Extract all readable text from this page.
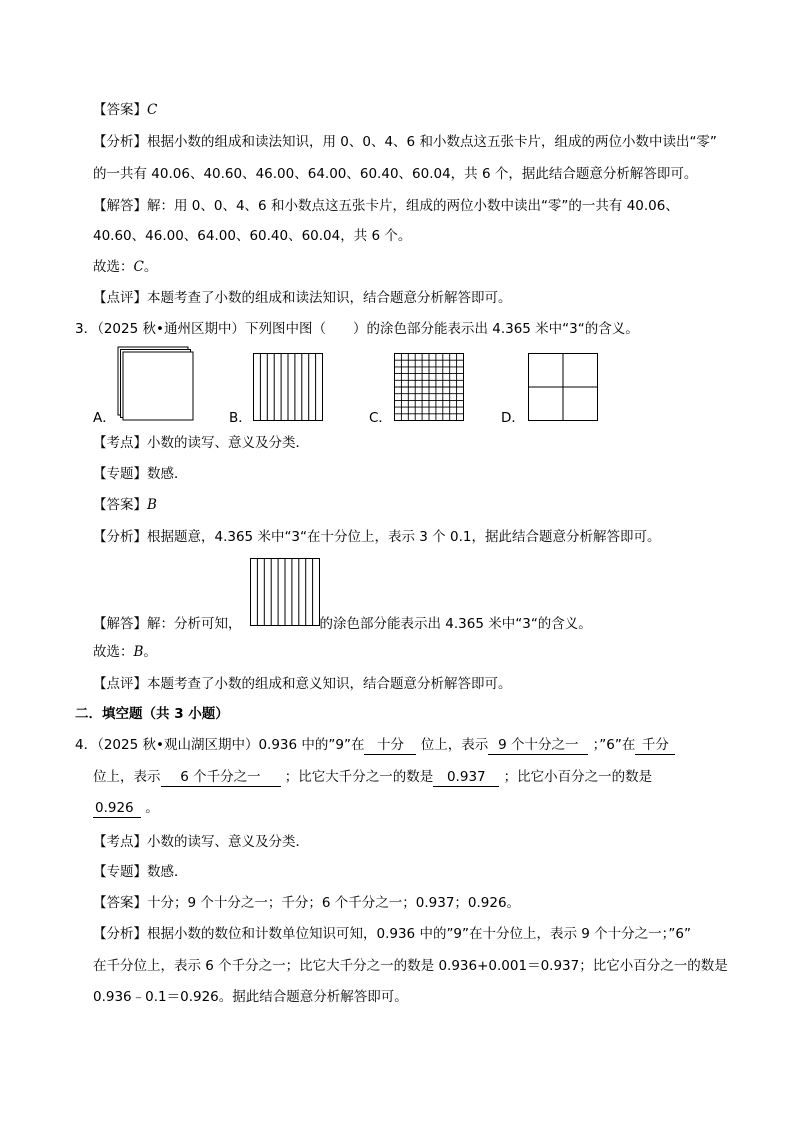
【答案】C
【分析】根据小数的组成和读法知识，用 0、0、4、6 和小数点这五张卡片，组成的两位小数中读出“零”
的一共有 40.06、40.60、46.00、64.00、60.40、60.04，共 6 个，据此结合题意分析解答即可。
【解答】解：用 0、0、4、6 和小数点这五张卡片，组成的两位小数中读出“零”的一共有 40.06、
40.60、46.00、64.00、60.40、60.04，共 6 个。
故选：C。
【点评】本题考查了小数的组成和读法知识，结合题意分析解答即可。
3．（2025 秋•通州区期中）下列图中图（　　）的涂色部分能表示出 4.365 米中“3“的含义。
A．	B．	C．	D．
【考点】小数的读写、意义及分类．
【专题】数感．
【答案】B
【分析】根据题意，4.365 米中“3“在十分位上，表示 3 个 0.1，据此结合题意分析解答即可。
【解答】解：分析可知，	的涂色部分能表示出 4.365 米中“3“的含义。
故选：B。
【点评】本题考查了小数的组成和意义知识，结合题意分析解答即可。
二．填空题（共 3 小题）
4．（2025 秋•观山湖区期中）0.936 中的”9”在 十分 位上，表示 9 个十分之一 ；”6”在 千分
位上，表示 6 个千分之一 ；比它大千分之一的数是 0.937 ；比它小百分之一的数是
0.926 。
【考点】小数的读写、意义及分类．
【专题】数感．
【答案】十分；9 个十分之一；千分；6 个千分之一；0.937；0.926。
【分析】根据小数的数位和计数单位知识可知，0.936 中的”9”在十分位上，表示 9 个十分之一；”6”
在千分位上，表示 6 个千分之一；比它大千分之一的数是 0.936+0.001＝0.937；比它小百分之一的数是
0.936﹣0.1＝0.926。据此结合题意分析解答即可。
